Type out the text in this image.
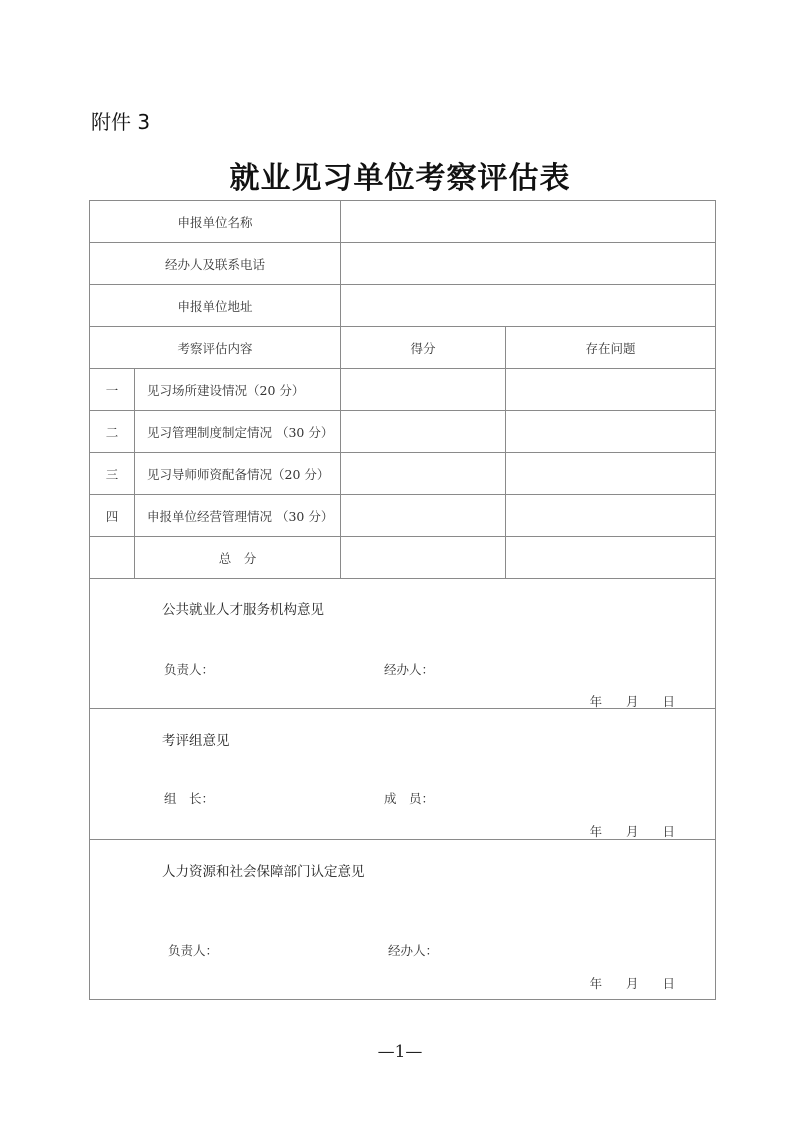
附件 3
就业见习单位考察评估表
申报单位名称			
经办人及联系电话			
申报单位地址			
考察评估内容		得分	存在问题
一	见习场所建设情况（20 分）		
二	见习管理制度制定情况 （30 分）		
三	见习导师师资配备情况（20 分）		
四	申报单位经营管理情况 （30 分）		
	总　分		

公共就业人才服务机构意见
负责人： 经办人：
年 月 日			

考评组意见
组　长： 成　员：
年 月 日			

人力资源和社会保障部门认定意见
负责人： 经办人：
年 月 日			
—1—
